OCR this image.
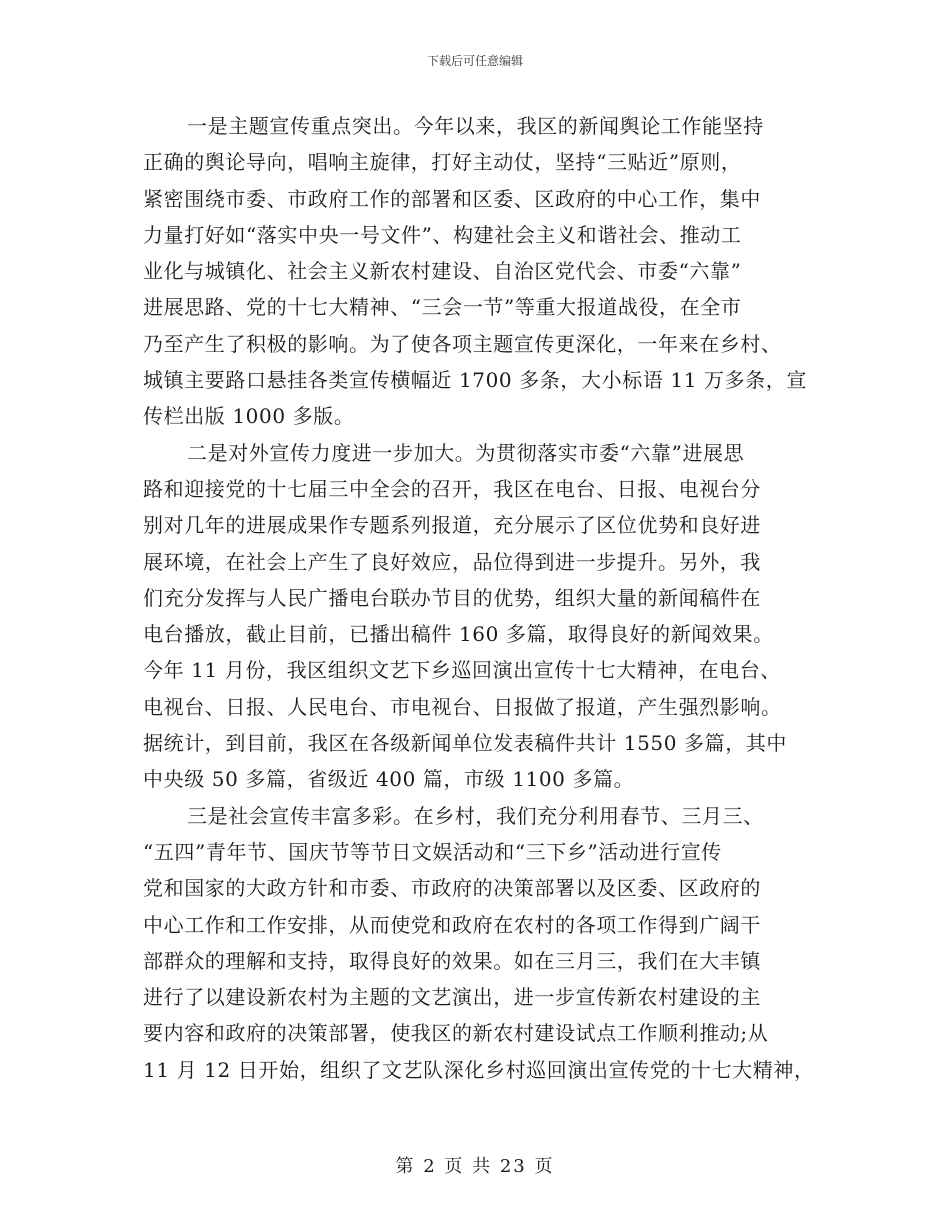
下载后可任意编辑
一是主题宣传重点突出。今年以来，我区的新闻舆论工作能坚持
正确的舆论导向，唱响主旋律，打好主动仗，坚持“三贴近”原则，
紧密围绕市委、市政府工作的部署和区委、区政府的中心工作，集中
力量打好如“落实中央一号文件”、构建社会主义和谐社会、推动工
业化与城镇化、社会主义新农村建设、自治区党代会、市委“六靠”
进展思路、党的十七大精神、“三会一节”等重大报道战役，在全市
乃至产生了积极的影响。为了使各项主题宣传更深化，一年来在乡村、
城镇主要路口悬挂各类宣传横幅近 1700 多条，大小标语 11 万多条，宣
传栏出版 1000 多版。
二是对外宣传力度进一步加大。为贯彻落实市委“六靠”进展思
路和迎接党的十七届三中全会的召开，我区在电台、日报、电视台分
别对几年的进展成果作专题系列报道，充分展示了区位优势和良好进
展环境，在社会上产生了良好效应，品位得到进一步提升。另外，我
们充分发挥与人民广播电台联办节目的优势，组织大量的新闻稿件在
电台播放，截止目前，已播出稿件 160 多篇，取得良好的新闻效果。
今年 11 月份，我区组织文艺下乡巡回演出宣传十七大精神，在电台、
电视台、日报、人民电台、市电视台、日报做了报道，产生强烈影响。
据统计，到目前，我区在各级新闻单位发表稿件共计 1550 多篇，其中
中央级 50 多篇，省级近 400 篇，市级 1100 多篇。
三是社会宣传丰富多彩。在乡村，我们充分利用春节、三月三、
“五四”青年节、国庆节等节日文娱活动和“三下乡”活动进行宣传
党和国家的大政方针和市委、市政府的决策部署以及区委、区政府的
中心工作和工作安排，从而使党和政府在农村的各项工作得到广阔干
部群众的理解和支持，取得良好的效果。如在三月三，我们在大丰镇
进行了以建设新农村为主题的文艺演出，进一步宣传新农村建设的主
要内容和政府的决策部署，使我区的新农村建设试点工作顺利推动;从
11 月 12 日开始，组织了文艺队深化乡村巡回演出宣传党的十七大精神，
第 2 页 共 23 页
